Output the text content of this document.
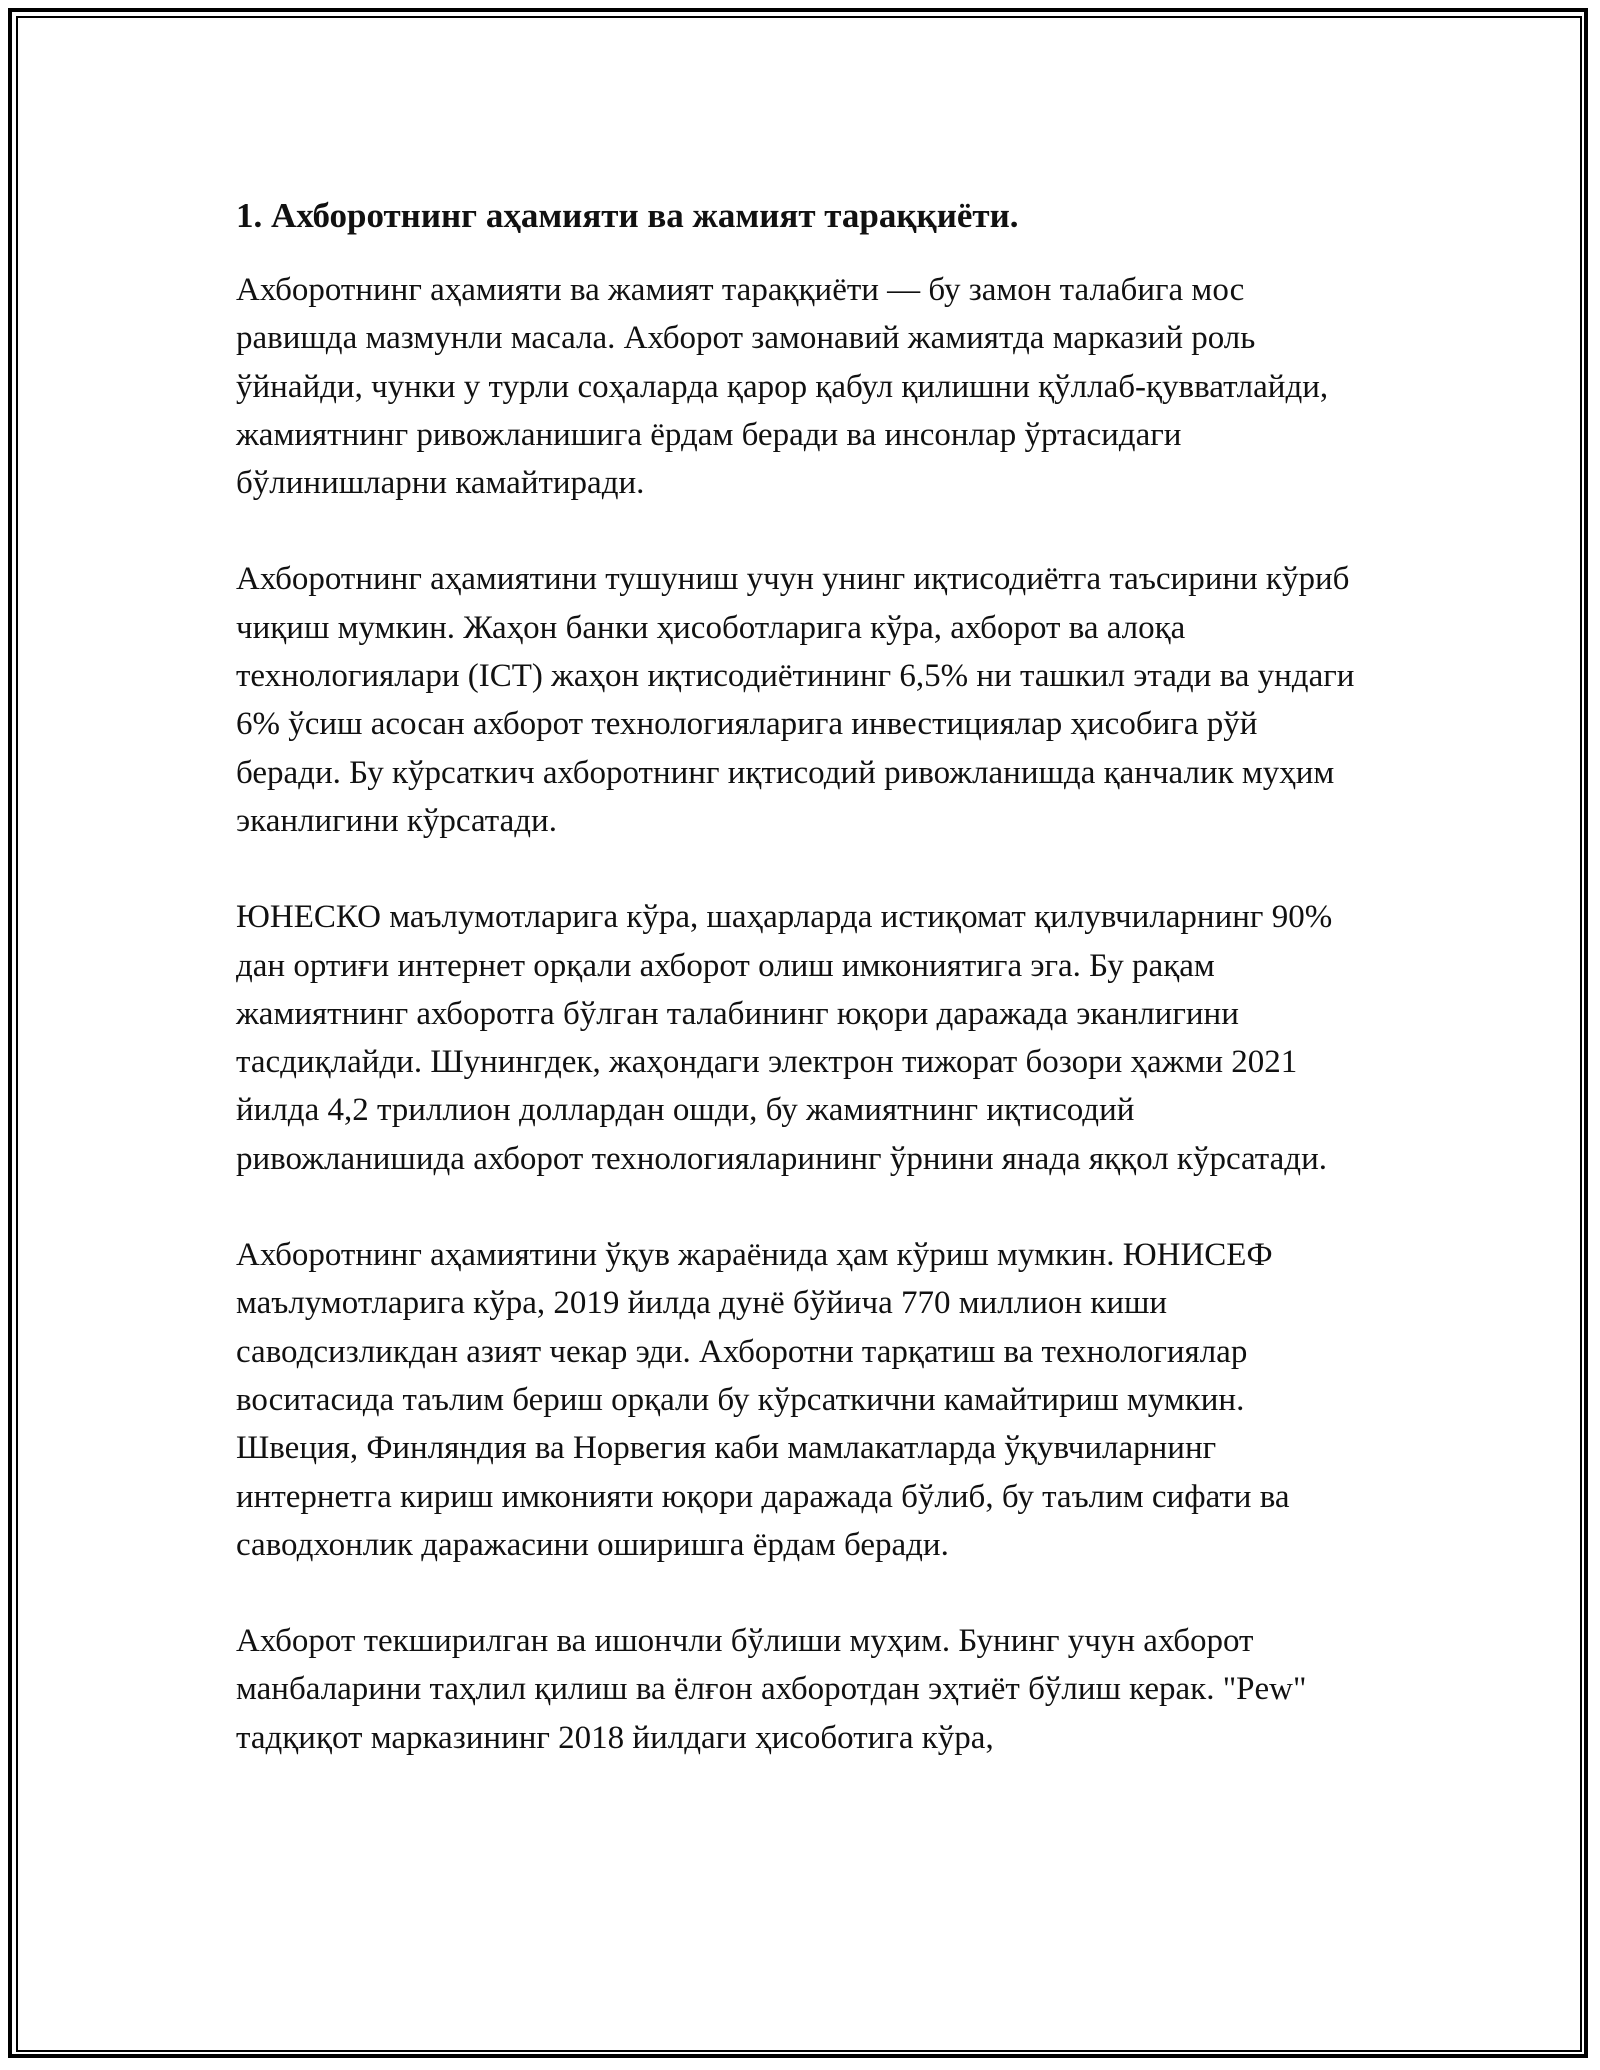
1. Ахборотнинг аҳамияти ва жамият тараққиёти.

Ахборотнинг аҳамияти ва жамият тараққиёти — бу замон талабига мос равишда мазмунли масала. Ахборот замонавий жамиятда марказий роль ўйнайди, чунки у турли соҳаларда қарор қабул қилишни қўллаб-қувватлайди, жамиятнинг ривожланишига ёрдам беради ва инсонлар ўртасидаги бўлинишларни камайтиради.

Ахборотнинг аҳамиятини тушуниш учун унинг иқтисодиётга таъсирини кўриб чиқиш мумкин. Жаҳон банки ҳисоботларига кўра, ахборот ва алоқа технологиялари (ICT) жаҳон иқтисодиётининг 6,5% ни ташкил этади ва ундаги 6% ўсиш асосан ахборот технологияларига инвестициялар ҳисобига рўй беради. Бу кўрсаткич ахборотнинг иқтисодий ривожланишда қанчалик муҳим эканлигини кўрсатади.

ЮНЕСКО маълумотларига кўра, шаҳарларда истиқомат қилувчиларнинг 90% дан ортиғи интернет орқали ахборот олиш имкониятига эга. Бу рақам жамиятнинг ахборотга бўлган талабининг юқори даражада эканлигини тасдиқлайди. Шунингдек, жаҳондаги электрон тижорат бозори ҳажми 2021 йилда 4,2 триллион доллардан ошди, бу жамиятнинг иқтисодий ривожланишида ахборот технологияларининг ўрнини янада яққол кўрсатади.

Ахборотнинг аҳамиятини ўқув жараёнида ҳам кўриш мумкин. ЮНИСЕФ маълумотларига кўра, 2019 йилда дунё бўйича 770 миллион киши саводсизликдан азият чекар эди. Ахборотни тарқатиш ва технологиялар воситасида таълим бериш орқали бу кўрсаткични камайтириш мумкин. Швеция, Финляндия ва Норвегия каби мамлакатларда ўқувчиларнинг интернетга кириш имконияти юқори даражада бўлиб, бу таълим сифати ва саводхонлик даражасини оширишга ёрдам беради.

Ахборот текширилган ва ишончли бўлиши муҳим. Бунинг учун ахборот манбаларини таҳлил қилиш ва ёлғон ахборотдан эҳтиёт бўлиш керак. "Pew" тадқиқот марказининг 2018 йилдаги ҳисоботига кўра,
